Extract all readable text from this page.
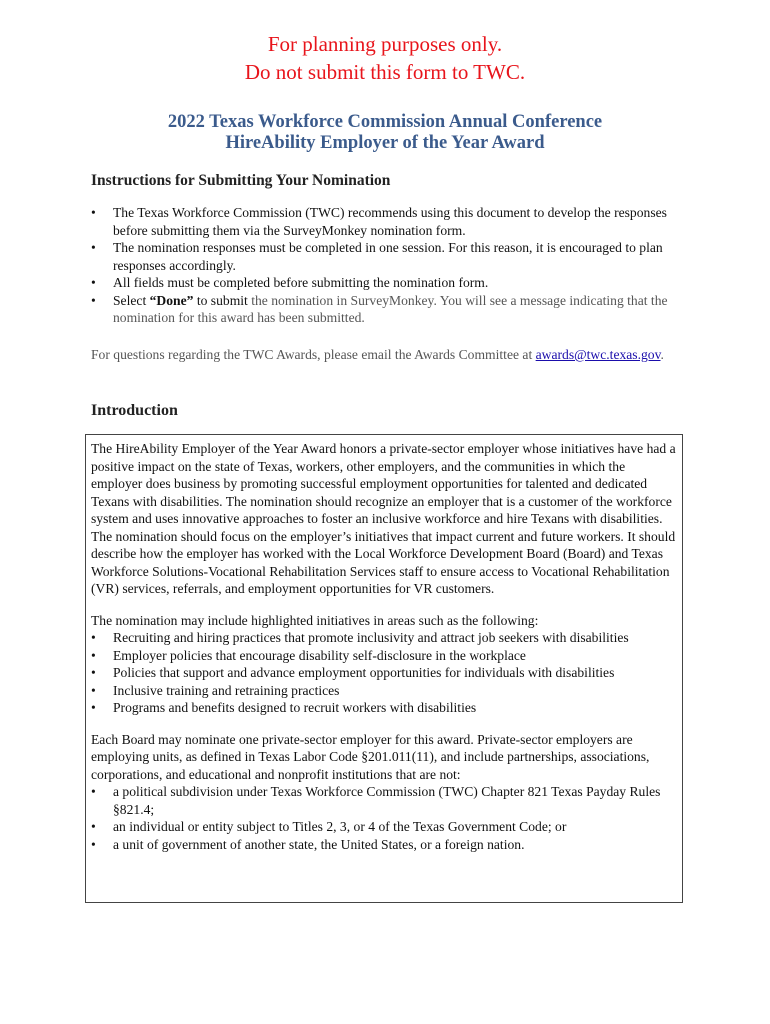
For planning purposes only.
Do not submit this form to TWC.
2022 Texas Workforce Commission Annual Conference
HireAbility Employer of the Year Award
Instructions for Submitting Your Nomination
• The Texas Workforce Commission (TWC) recommends using this document to develop the responses before submitting them via the SurveyMonkey nomination form.
• The nomination responses must be completed in one session. For this reason, it is encouraged to plan responses accordingly.
• All fields must be completed before submitting the nomination form.
• Select “Done” to submit the nomination in SurveyMonkey. You will see a message indicating that the nomination for this award has been submitted.
For questions regarding the TWC Awards, please email the Awards Committee at awards@twc.texas.gov.
Introduction

The HireAbility Employer of the Year Award honors a private-sector employer whose initiatives have had a positive impact on the state of Texas, workers, other employers, and the communities in which the employer does business by promoting successful employment opportunities for talented and dedicated Texans with disabilities. The nomination should recognize an employer that is a customer of the workforce system and uses innovative approaches to foster an inclusive workforce and hire Texans with disabilities. The nomination should focus on the employer’s initiatives that impact current and future workers. It should describe how the employer has worked with the Local Workforce Development Board (Board) and Texas Workforce Solutions-Vocational Rehabilitation Services staff to ensure access to Vocational Rehabilitation (VR) services, referrals, and employment opportunities for VR customers.

The nomination may include highlighted initiatives in areas such as the following:

• Recruiting and hiring practices that promote inclusivity and attract job seekers with disabilities
• Employer policies that encourage disability self-disclosure in the workplace
• Policies that support and advance employment opportunities for individuals with disabilities
• Inclusive training and retraining practices
• Programs and benefits designed to recruit workers with disabilities

Each Board may nominate one private-sector employer for this award. Private-sector employers are employing units, as defined in Texas Labor Code §201.011(11), and include partnerships, associations, corporations, and educational and nonprofit institutions that are not:

• a political subdivision under Texas Workforce Commission (TWC) Chapter 821 Texas Payday Rules §821.4;
• an individual or entity subject to Titles 2, 3, or 4 of the Texas Government Code; or
• a unit of government of another state, the United States, or a foreign nation.
